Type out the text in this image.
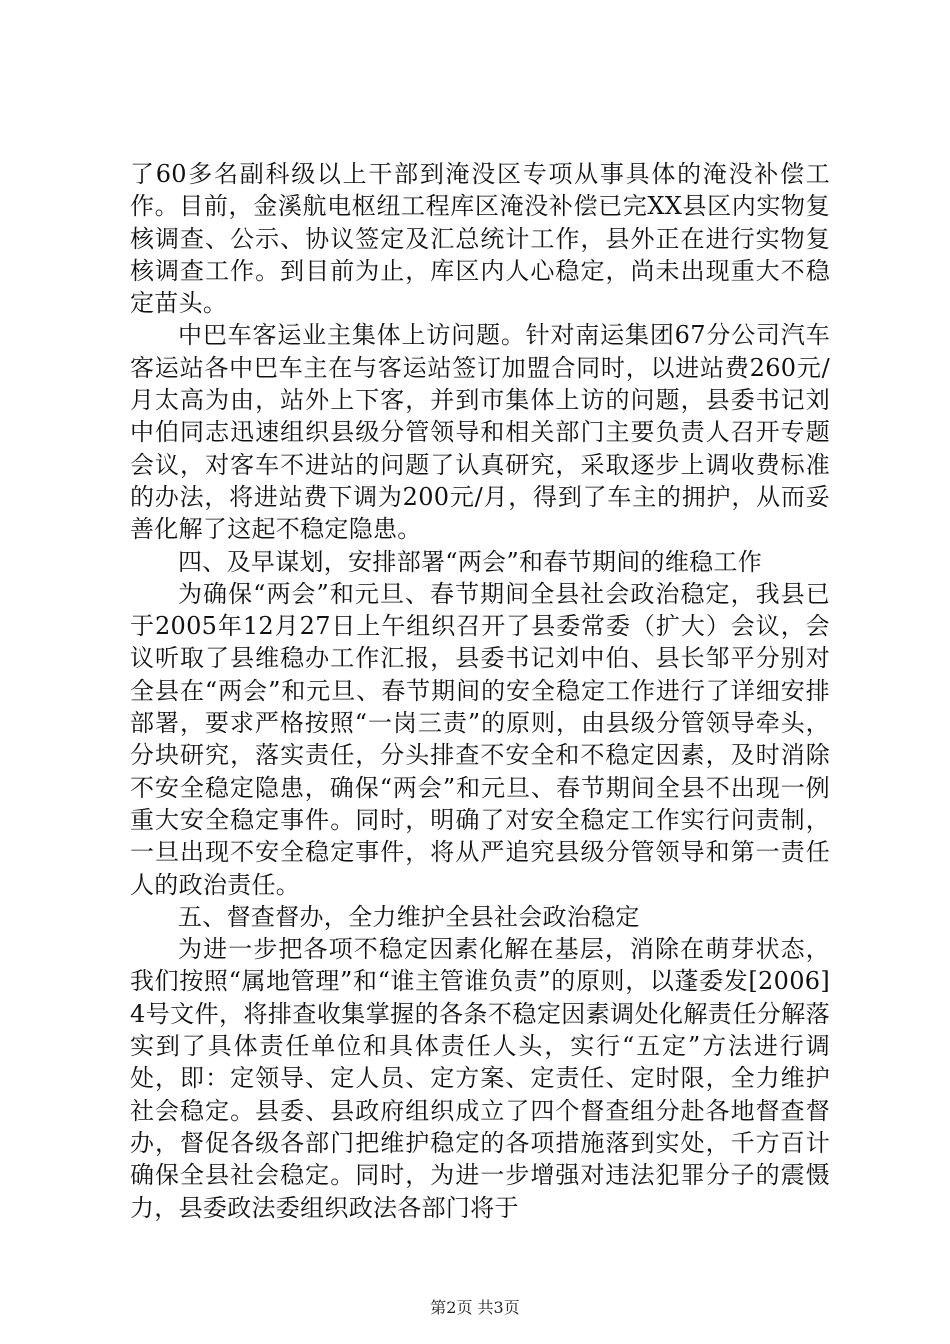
了60多名副科级以上干部到淹没区专项从事具体的淹没补偿工作。目前，金溪航电枢纽工程库区淹没补偿已完XX县区内实物复核调查、公示、协议签定及汇总统计工作，县外正在进行实物复核调查工作。到目前为止，库区内人心稳定，尚未出现重大不稳定苗头。

中巴车客运业主集体上访问题。针对南运集团67分公司汽车客运站各中巴车主在与客运站签订加盟合同时，以进站费260元/月太高为由，站外上下客，并到市集体上访的问题，县委书记刘中伯同志迅速组织县级分管领导和相关部门主要负责人召开专题会议，对客车不进站的问题了认真研究，采取逐步上调收费标准的办法，将进站费下调为200元/月，得到了车主的拥护，从而妥善化解了这起不稳定隐患。

四、及早谋划，安排部署“两会”和春节期间的维稳工作

为确保“两会”和元旦、春节期间全县社会政治稳定，我县已于2005年12月27日上午组织召开了县委常委（扩大）会议，会议听取了县维稳办工作汇报，县委书记刘中伯、县长邹平分别对全县在“两会”和元旦、春节期间的安全稳定工作进行了详细安排部署，要求严格按照“一岗三责”的原则，由县级分管领导牵头，分块研究，落实责任，分头排查不安全和不稳定因素，及时消除不安全稳定隐患，确保“两会”和元旦、春节期间全县不出现一例重大安全稳定事件。同时，明确了对安全稳定工作实行问责制，一旦出现不安全稳定事件，将从严追究县级分管领导和第一责任人的政治责任。

五、督查督办，全力维护全县社会政治稳定

为进一步把各项不稳定因素化解在基层，消除在萌芽状态，我们按照“属地管理”和“谁主管谁负责”的原则，以蓬委发[2006]4号文件，将排查收集掌握的各条不稳定因素调处化解责任分解落实到了具体责任单位和具体责任人头，实行“五定”方法进行调处，即：定领导、定人员、定方案、定责任、定时限，全力维护社会稳定。县委、县政府组织成立了四个督查组分赴各地督查督办，督促各级各部门把维护稳定的各项措施落到实处，千方百计确保全县社会稳定。同时，为进一步增强对违法犯罪分子的震慑力，县委政法委组织政法各部门将于

第2页 共3页
